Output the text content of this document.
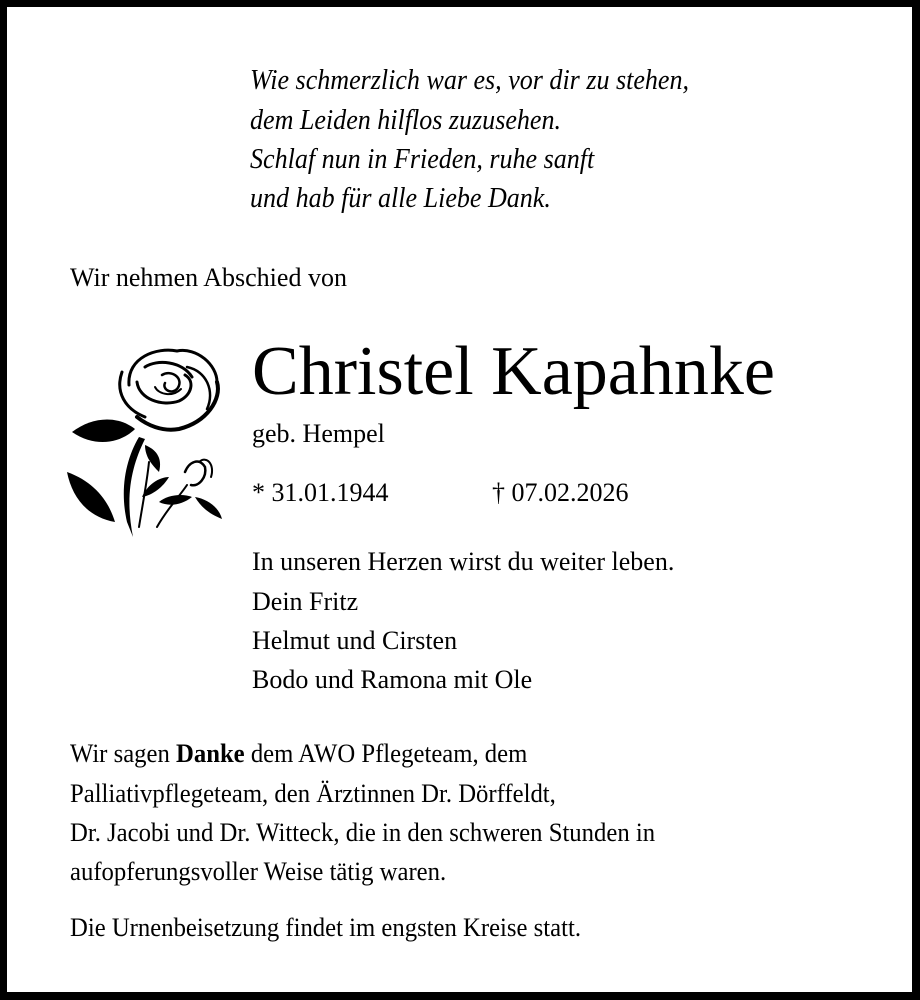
Wie schmerzlich war es, vor dir zu stehen,
dem Leiden hilflos zuzusehen.
Schlaf nun in Frieden, ruhe sanft
und hab für alle Liebe Dank.
Wir nehmen Abschied von
Christel Kapahnke
geb. Hempel
* 31.01.1944	† 07.02.2026
In unseren Herzen wirst du weiter leben.
Dein Fritz
Helmut und Cirsten
Bodo und Ramona mit Ole
Wir sagen Danke dem AWO Pflegeteam, dem
Palliativpflegeteam, den Ärztinnen Dr. Dörffeldt,
Dr. Jacobi und Dr. Witteck, die in den schweren Stunden in
aufopferungsvoller Weise tätig waren.
Die Urnenbeisetzung findet im engsten Kreise statt.
